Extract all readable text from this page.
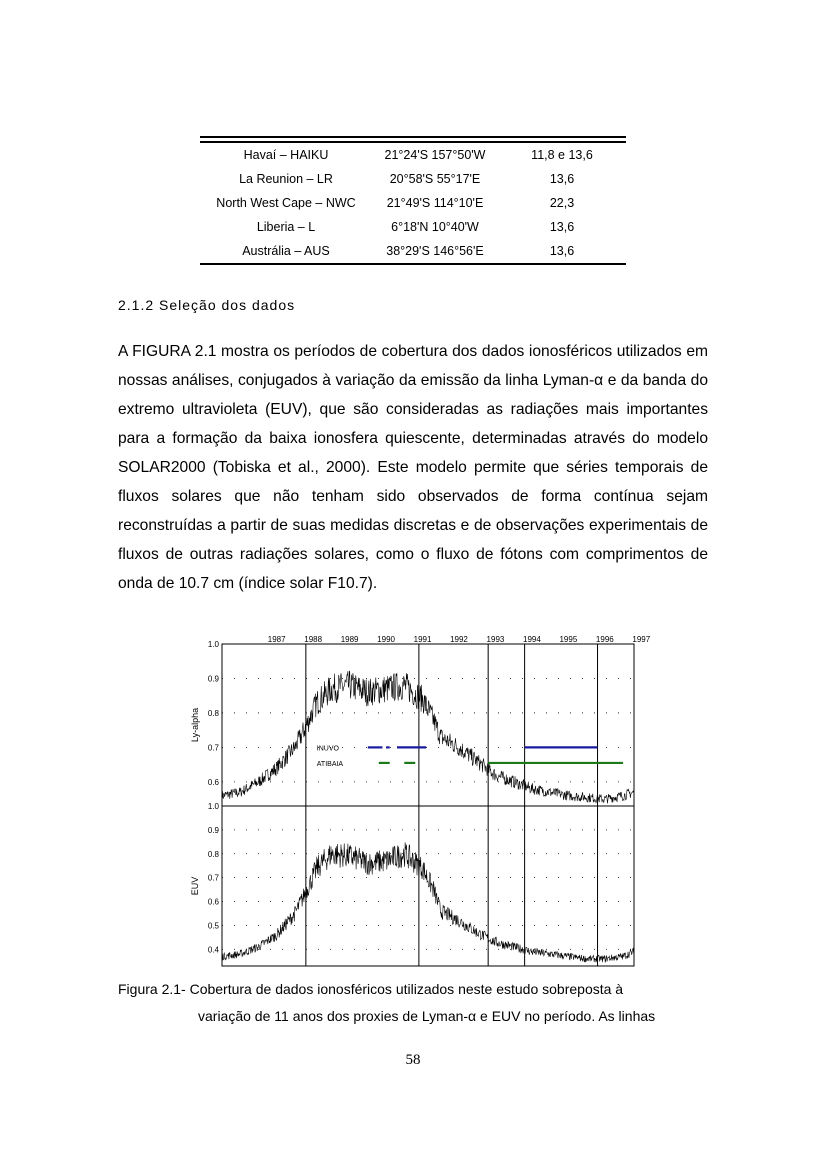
Havaí – HAIKU	21°24'S 157°50'W	11,8 e 13,6
La Reunion – LR	20°58'S 55°17'E	13,6
North West Cape – NWC	21°49'S 114°10'E	22,3
Liberia – L	6°18'N 10°40'W	13,6
Austrália – AUS	38°29'S 146°56'E	13,6
2.1.2 Seleção dos dados
A FIGURA 2.1 mostra os períodos de cobertura dos dados ionosféricos utilizados em nossas análises, conjugados à variação da emissão da linha Lyman-α e da banda do extremo ultravioleta (EUV), que são consideradas as radiações mais importantes para a formação da baixa ionosfera quiescente, determinadas através do modelo SOLAR2000 (Tobiska et al., 2000). Este modelo permite que séries temporais de fluxos solares que não tenham sido observados de forma contínua sejam reconstruídas a partir de suas medidas discretas e de observações experimentais de fluxos de outras radiações solares, como o fluxo de fótons com comprimentos de onda de 10.7 cm (índice solar F10.7).
1987 1988 1989 1990 1991 1992 1993 1994 1995 1996 1997
1.0
0.9
0.8
0.7
0.6
Ly-alpha
INUVO
ATIBAIA
1.0
0.9
0.8
0.7
0.6
0.5
0.4
EUV
Figura 2.1- Cobertura de dados ionosféricos utilizados neste estudo sobreposta à
variação de 11 anos dos proxies de Lyman-α e EUV no período. As linhas
58
